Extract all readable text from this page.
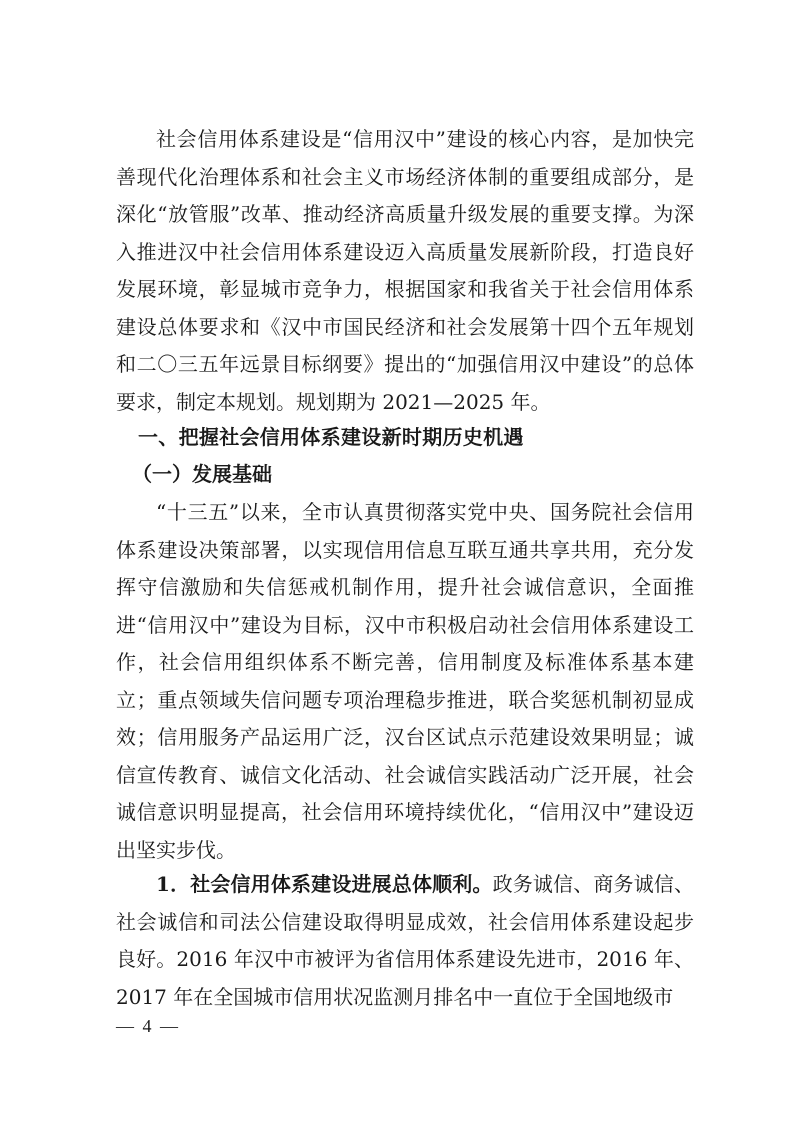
社会信用体系建设是“信用汉中”建设的核心内容，是加快完善现代化治理体系和社会主义市场经济体制的重要组成部分，是深化“放管服”改革、推动经济高质量升级发展的重要支撑。为深入推进汉中社会信用体系建设迈入高质量发展新阶段，打造良好发展环境，彰显城市竞争力，根据国家和我省关于社会信用体系建设总体要求和《汉中市国民经济和社会发展第十四个五年规划和二〇三五年远景目标纲要》提出的“加强信用汉中建设”的总体要求，制定本规划。规划期为 2021—2025 年。

一、把握社会信用体系建设新时期历史机遇

（一）发展基础

“十三五”以来，全市认真贯彻落实党中央、国务院社会信用体系建设决策部署，以实现信用信息互联互通共享共用，充分发挥守信激励和失信惩戒机制作用，提升社会诚信意识，全面推进“信用汉中”建设为目标，汉中市积极启动社会信用体系建设工作，社会信用组织体系不断完善，信用制度及标准体系基本建立；重点领域失信问题专项治理稳步推进，联合奖惩机制初显成效；信用服务产品运用广泛，汉台区试点示范建设效果明显；诚信宣传教育、诚信文化活动、社会诚信实践活动广泛开展，社会诚信意识明显提高，社会信用环境持续优化，“信用汉中”建设迈出坚实步伐。

1．社会信用体系建设进展总体顺利。政务诚信、商务诚信、社会诚信和司法公信建设取得明显成效，社会信用体系建设起步良好。2016 年汉中市被评为省信用体系建设先进市，2016 年、2017 年在全国城市信用状况监测月排名中一直位于全国地级市

— 4 —
